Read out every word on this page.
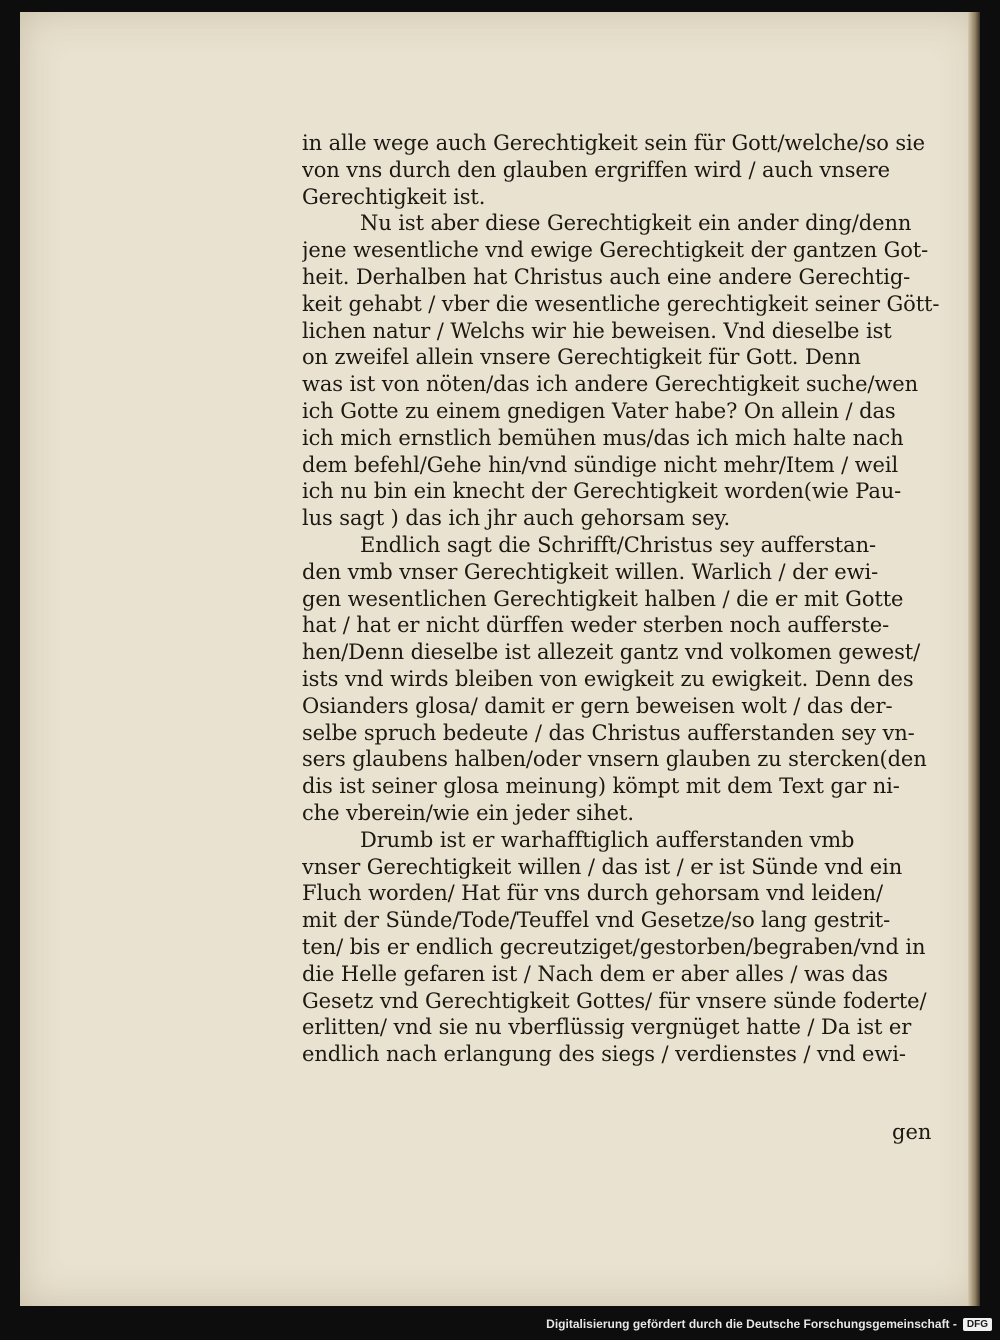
in alle wege auch Gerechtigkeit sein für Gott/welche/so sie
von vns durch den glauben ergriffen wird / auch vnsere
Gerechtigkeit ist.
Nu ist aber diese Gerechtigkeit ein ander ding/denn
jene wesentliche vnd ewige Gerechtigkeit der gantzen Got-
heit. Derhalben hat Christus auch eine andere Gerechtig-
keit gehabt / vber die wesentliche gerechtigkeit seiner Gött-
lichen natur / Welchs wir hie beweisen. Vnd dieselbe ist
on zweifel allein vnsere Gerechtigkeit für Gott. Denn
was ist von nöten/das ich andere Gerechtigkeit suche/wen
ich Gotte zu einem gnedigen Vater habe? On allein / das
ich mich ernstlich bemühen mus/das ich mich halte nach
dem befehl/Gehe hin/vnd sündige nicht mehr/Item / weil
ich nu bin ein knecht der Gerechtigkeit worden(wie Pau-
lus sagt ) das ich jhr auch gehorsam sey.
Endlich sagt die Schrifft/Christus sey aufferstan-
den vmb vnser Gerechtigkeit willen. Warlich / der ewi-
gen wesentlichen Gerechtigkeit halben / die er mit Gotte
hat / hat er nicht dürffen weder sterben noch aufferste-
hen/Denn dieselbe ist allezeit gantz vnd volkomen gewest/
ists vnd wirds bleiben von ewigkeit zu ewigkeit. Denn des
Osianders glosa/ damit er gern beweisen wolt / das der-
selbe spruch bedeute / das Christus aufferstanden sey vn-
sers glaubens halben/oder vnsern glauben zu stercken(den
dis ist seiner glosa meinung) kömpt mit dem Text gar ni-
che vberein/wie ein jeder sihet.
Drumb ist er warhafftiglich aufferstanden vmb
vnser Gerechtigkeit willen / das ist / er ist Sünde vnd ein
Fluch worden/ Hat für vns durch gehorsam vnd leiden/
mit der Sünde/Tode/Teuffel vnd Gesetze/so lang gestrit-
ten/ bis er endlich gecreutziget/gestorben/begraben/vnd in
die Helle gefaren ist / Nach dem er aber alles / was das
Gesetz vnd Gerechtigkeit Gottes/ für vnsere sünde foderte/
erlitten/ vnd sie nu vberflüssig vergnüget hatte / Da ist er
endlich nach erlangung des siegs / verdienstes / vnd ewi-
gen
Digitalisierung gefördert durch die Deutsche Forschungsgemeinschaft -	DFG
